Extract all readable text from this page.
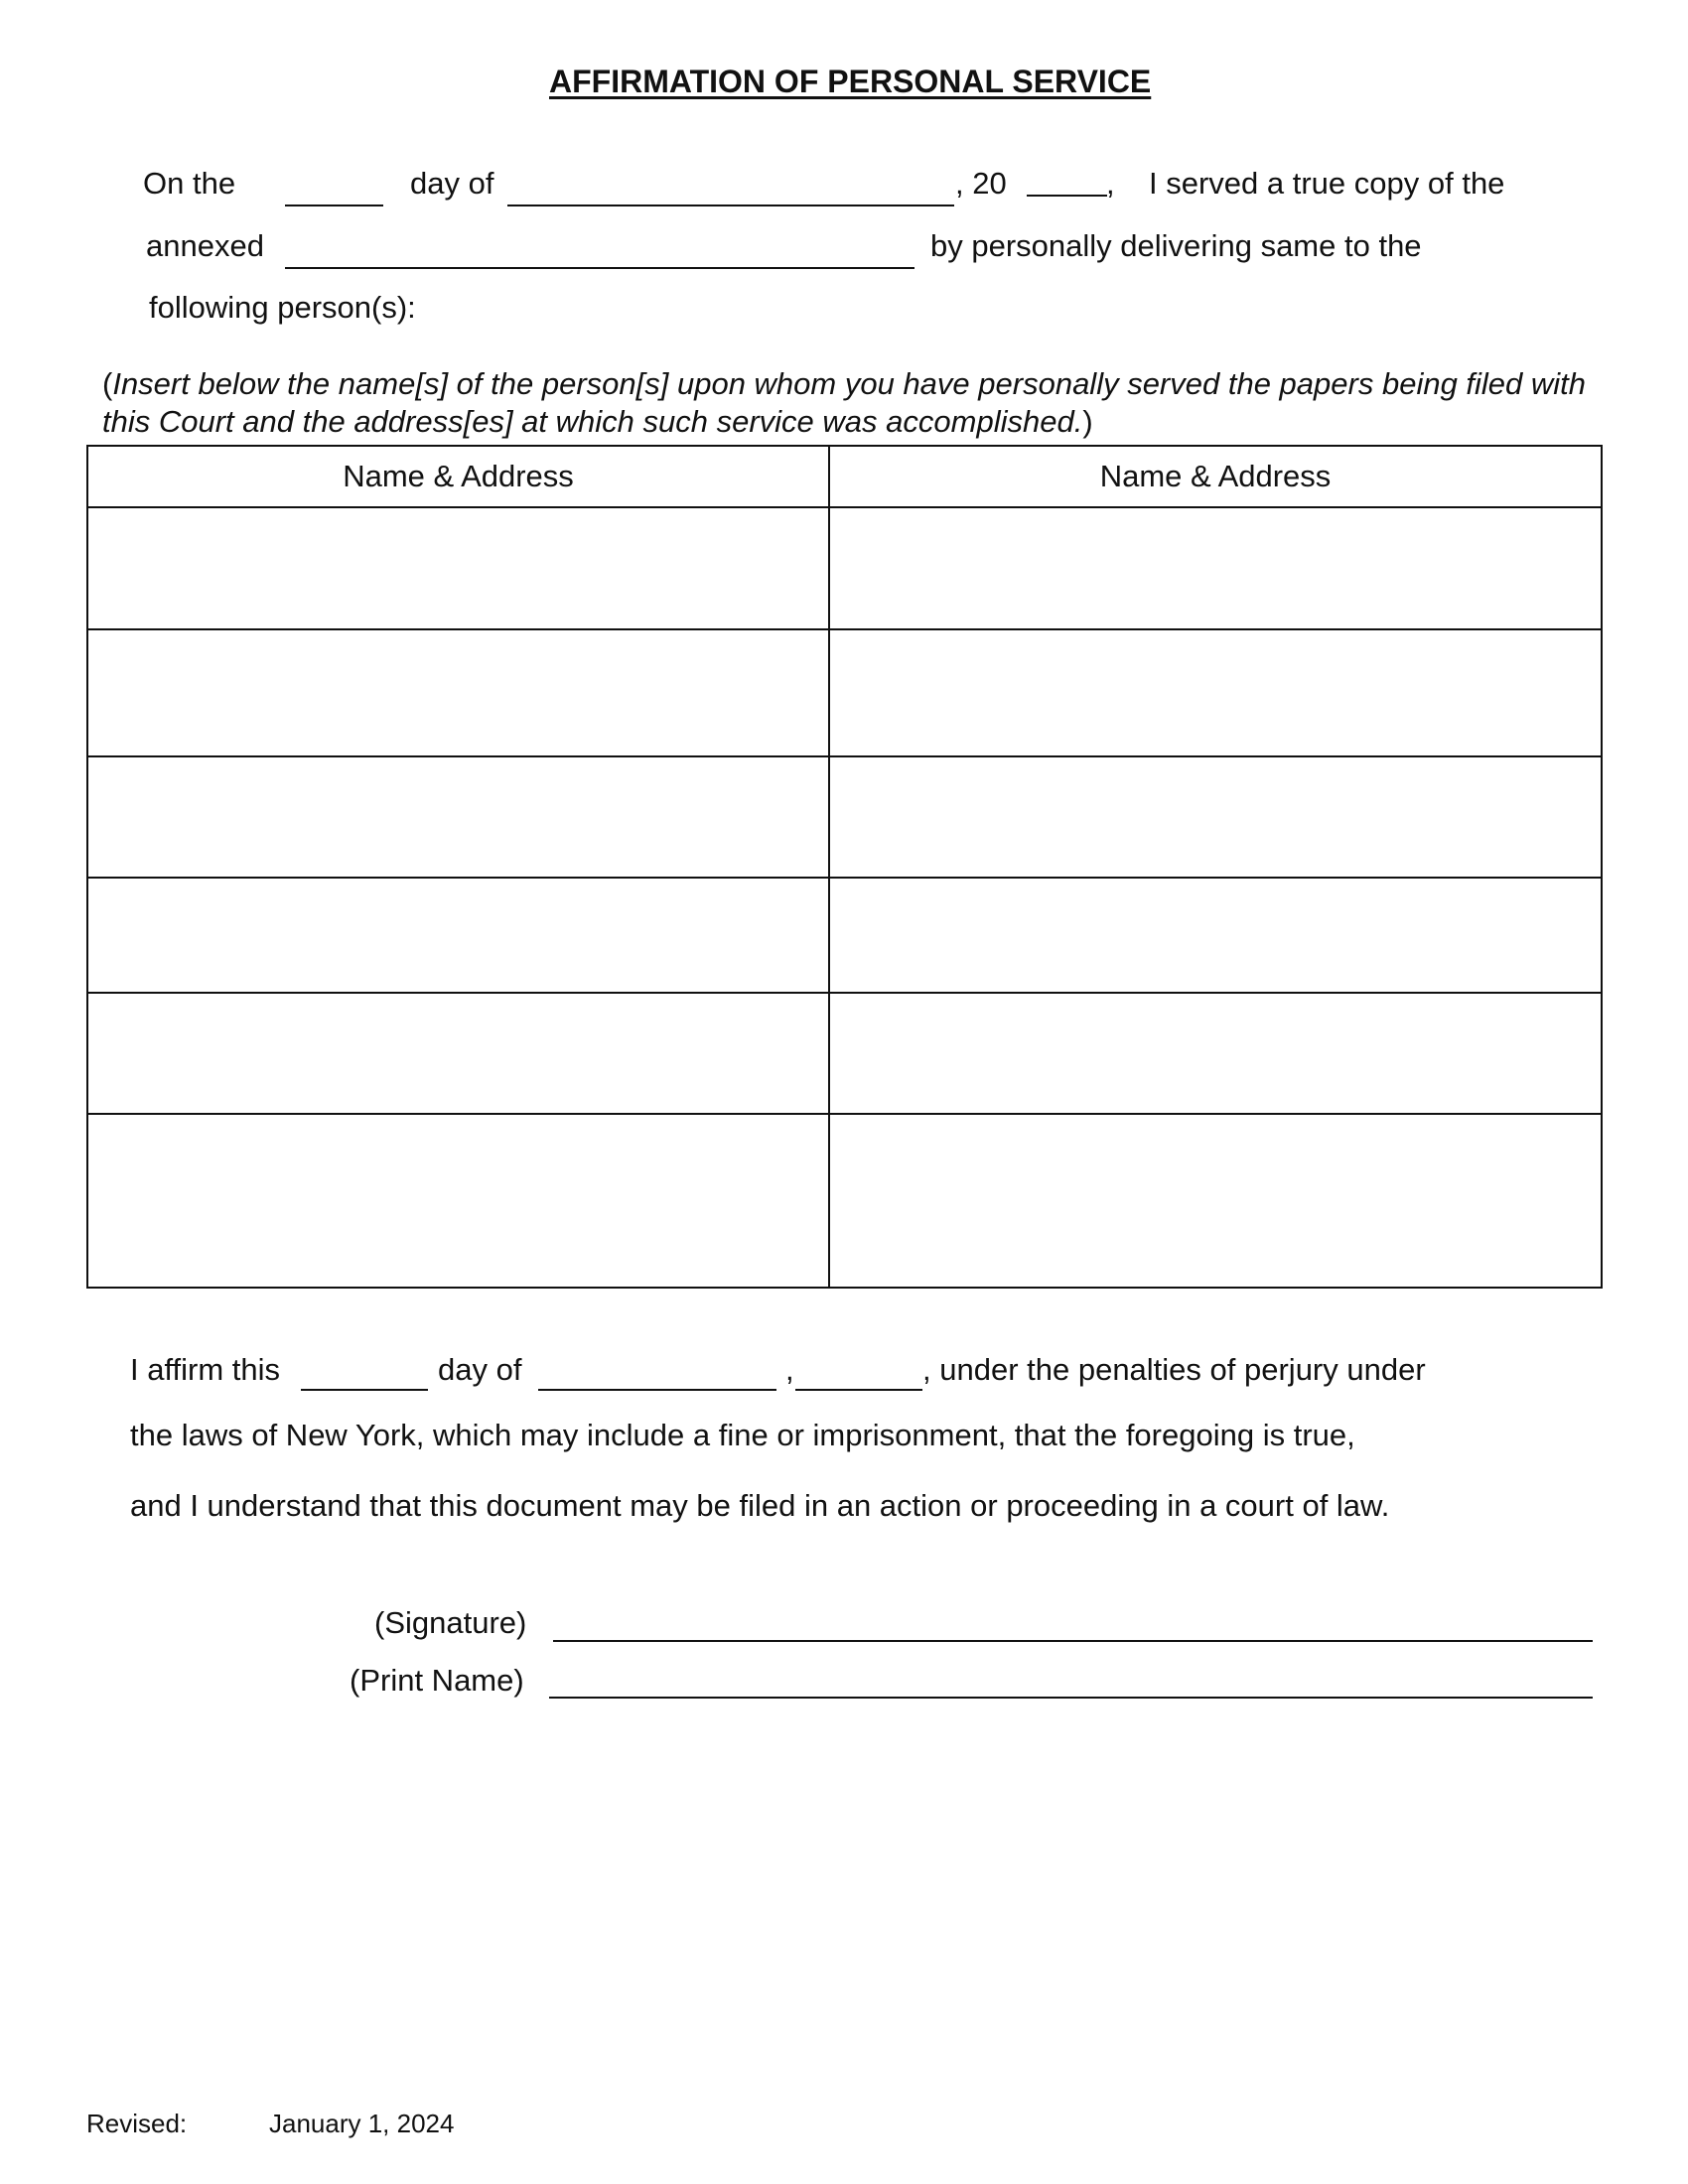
AFFIRMATION OF PERSONAL SERVICE
On the	day of	, 20	, I served a true copy of the
annexed	by personally delivering same to the
following person(s):
(Insert below the name[s] of the person[s] upon whom you have personally served the papers being filed with this Court and the address[es] at which such service was accomplished.)
Name & Address	Name & Address

I affirm this	day of	,	, under the penalties of perjury under
the laws of New York, which may include a fine or imprisonment, that the foregoing is true,
and I understand that this document may be filed in an action or proceeding in a court of law.
(Signature)
(Print Name)
Revised:	January 1, 2024
